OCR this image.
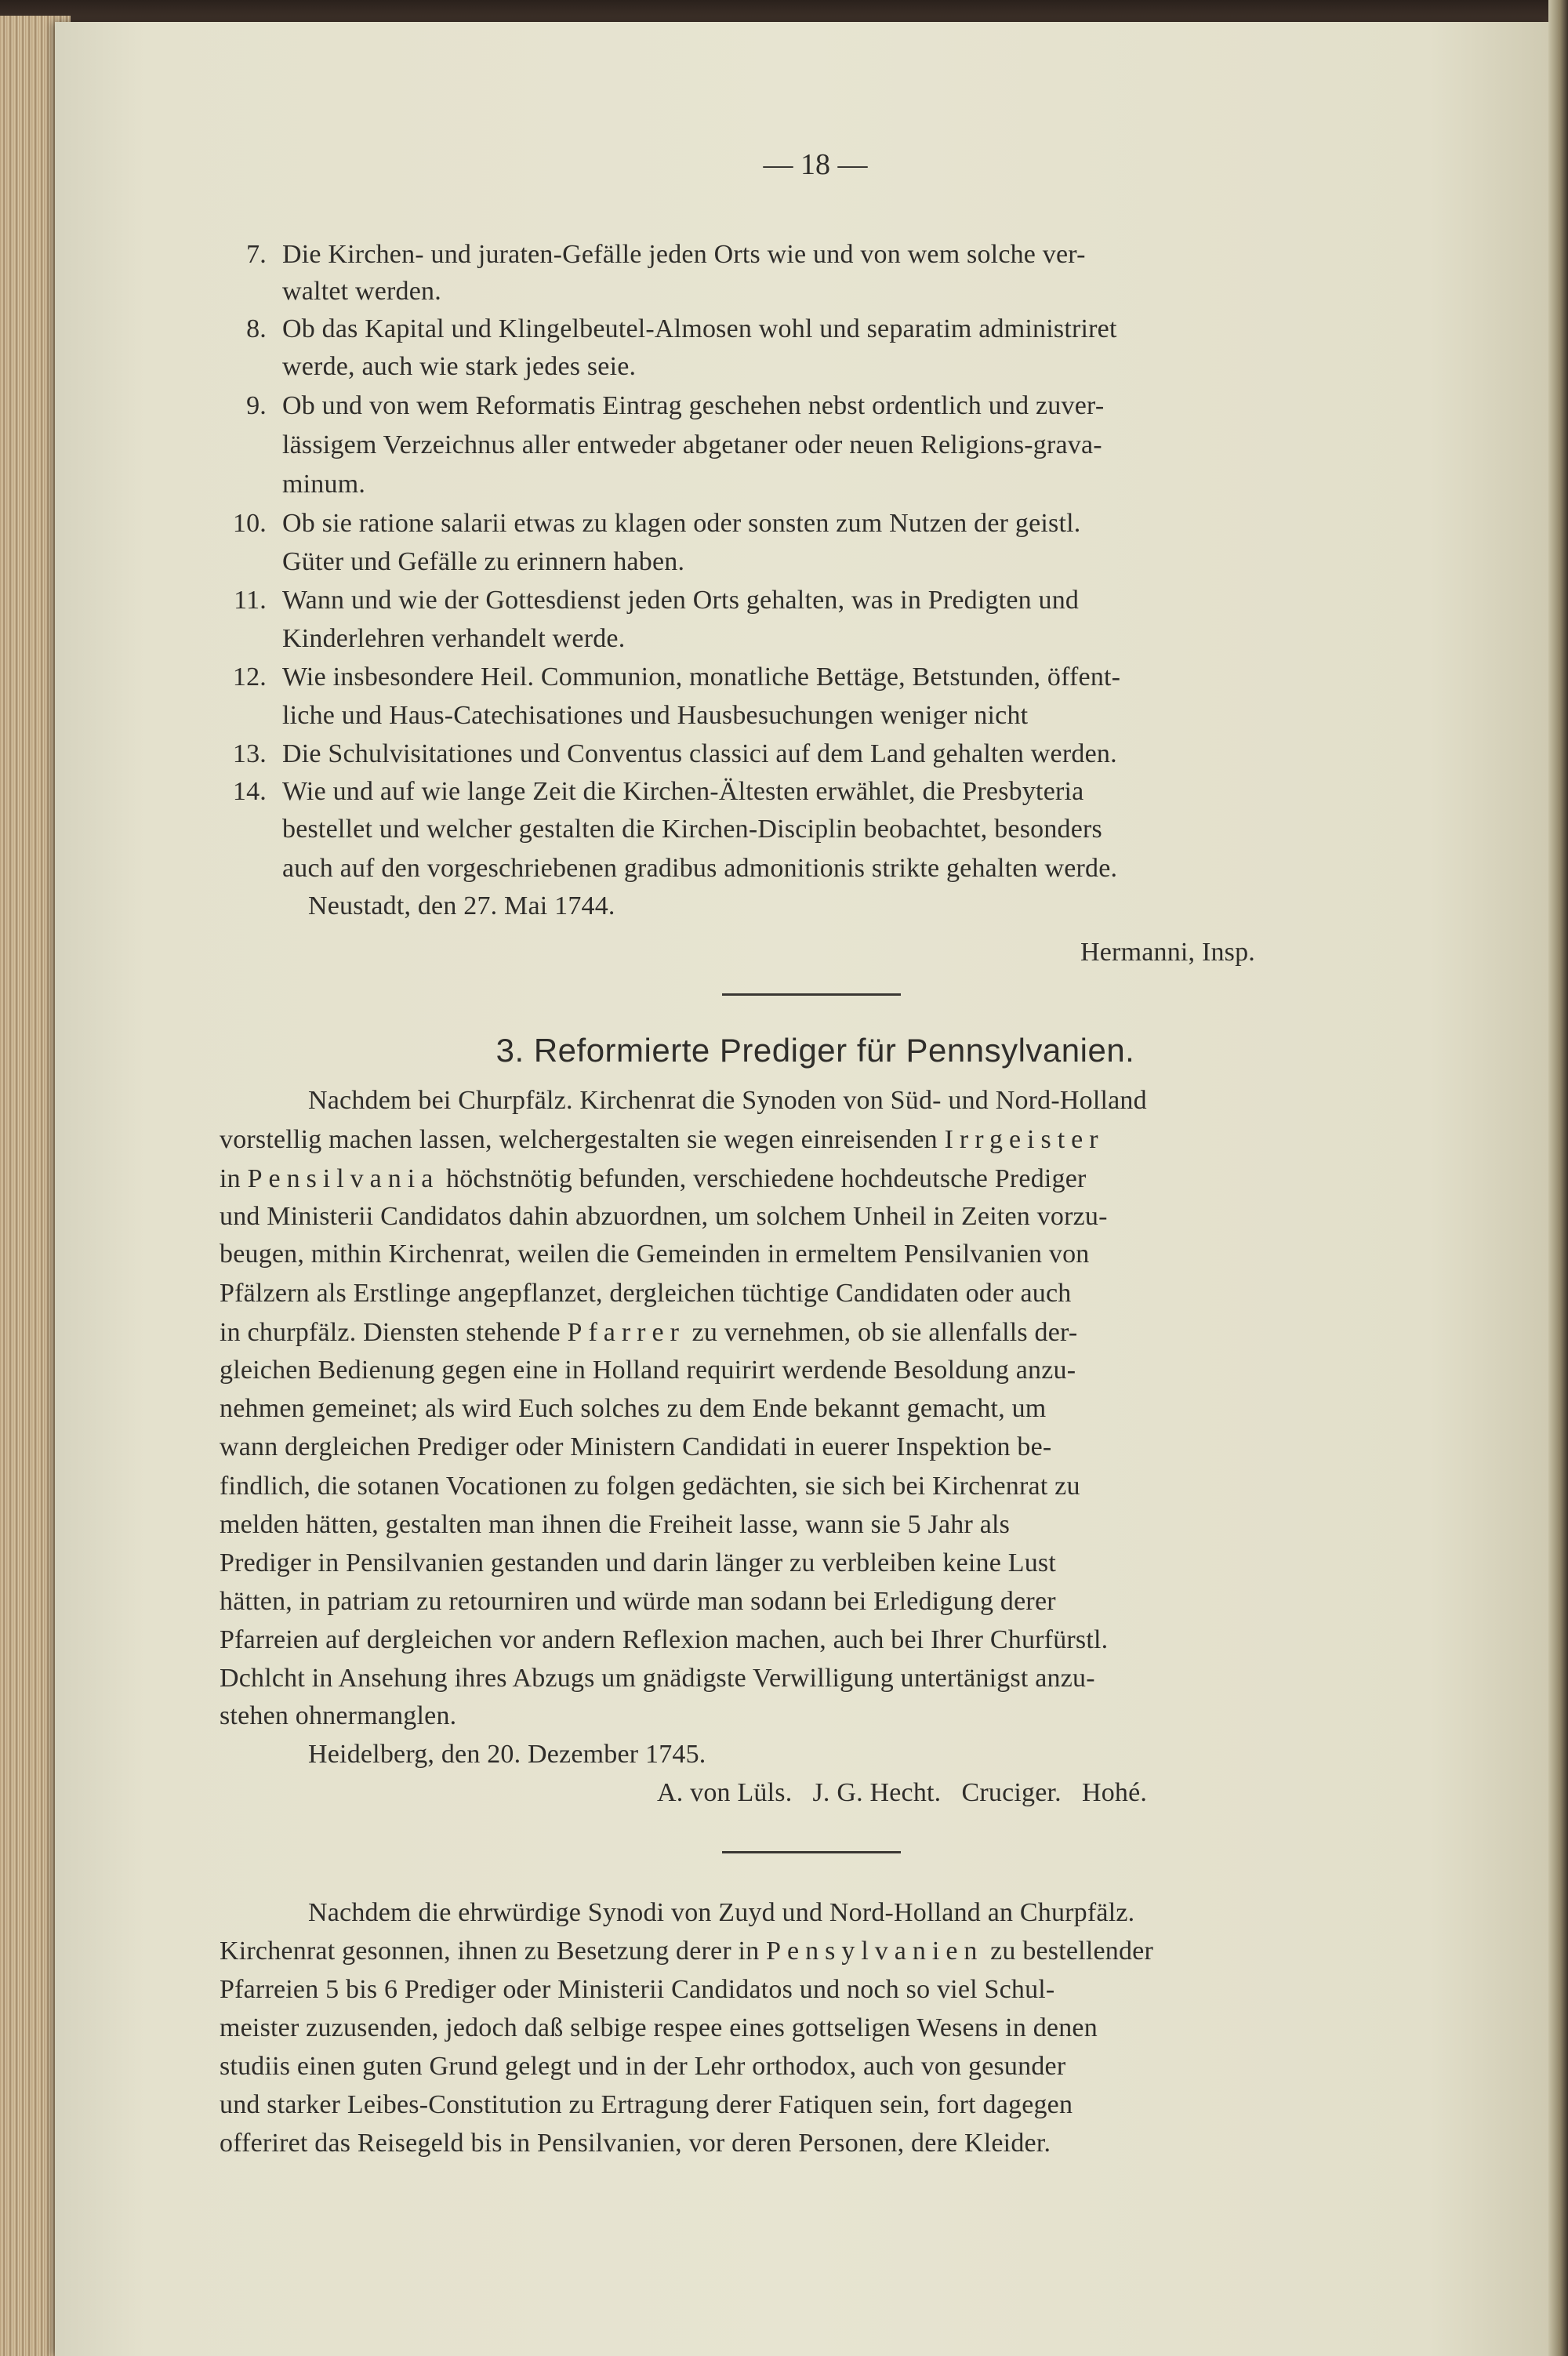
— 18 —
7. Die Kirchen- und juraten-Gefälle jeden Orts wie und von wem solche ver-
waltet werden.
8. Ob das Kapital und Klingelbeutel-Almosen wohl und separatim administriret
werde, auch wie stark jedes seie.
9. Ob und von wem Reformatis Eintrag geschehen nebst ordentlich und zuver-
lässigem Verzeichnus aller entweder abgetaner oder neuen Religions-grava-
minum.
10. Ob sie ratione salarii etwas zu klagen oder sonsten zum Nutzen der geistl.
Güter und Gefälle zu erinnern haben.
11. Wann und wie der Gottesdienst jeden Orts gehalten, was in Predigten und
Kinderlehren verhandelt werde.
12. Wie insbesondere Heil. Communion, monatliche Bettäge, Betstunden, öffent-
liche und Haus-Catechisationes und Hausbesuchungen weniger nicht
13. Die Schulvisitationes und Conventus classici auf dem Land gehalten werden.
14. Wie und auf wie lange Zeit die Kirchen-Ältesten erwählet, die Presbyteria
bestellet und welcher gestalten die Kirchen-Disciplin beobachtet, besonders
auch auf den vorgeschriebenen gradibus admonitionis strikte gehalten werde.
Neustadt, den 27. Mai 1744.
Hermanni, Insp.
3. Reformierte Prediger für Pennsylvanien.
Nachdem bei Churpfälz. Kirchenrat die Synoden von Süd- und Nord-Holland
vorstellig machen lassen, welchergestalten sie wegen einreisenden Irrgeister
in Pensilvania höchstnötig befunden, verschiedene hochdeutsche Prediger
und Ministerii Candidatos dahin abzuordnen, um solchem Unheil in Zeiten vorzu-
beugen, mithin Kirchenrat, weilen die Gemeinden in ermeltem Pensilvanien von
Pfälzern als Erstlinge angepflanzet, dergleichen tüchtige Candidaten oder auch
in churpfälz. Diensten stehende Pfarrer zu vernehmen, ob sie allenfalls der-
gleichen Bedienung gegen eine in Holland requirirt werdende Besoldung anzu-
nehmen gemeinet; als wird Euch solches zu dem Ende bekannt gemacht, um
wann dergleichen Prediger oder Ministern Candidati in euerer Inspektion be-
findlich, die sotanen Vocationen zu folgen gedächten, sie sich bei Kirchenrat zu
melden hätten, gestalten man ihnen die Freiheit lasse, wann sie 5 Jahr als
Prediger in Pensilvanien gestanden und darin länger zu verbleiben keine Lust
hätten, in patriam zu retourniren und würde man sodann bei Erledigung derer
Pfarreien auf dergleichen vor andern Reflexion machen, auch bei Ihrer Churfürstl.
Dchlcht in Ansehung ihres Abzugs um gnädigste Verwilligung untertänigst anzu-
stehen ohnermanglen.
Heidelberg, den 20. Dezember 1745.
A. von Lüls.   J. G. Hecht.   Cruciger.   Hohé.
Nachdem die ehrwürdige Synodi von Zuyd und Nord-Holland an Churpfälz.
Kirchenrat gesonnen, ihnen zu Besetzung derer in Pensylvanien zu bestellender
Pfarreien 5 bis 6 Prediger oder Ministerii Candidatos und noch so viel Schul-
meister zuzusenden, jedoch daß selbige respee eines gottseligen Wesens in denen
studiis einen guten Grund gelegt und in der Lehr orthodox, auch von gesunder
und starker Leibes-Constitution zu Ertragung derer Fatiquen sein, fort dagegen
offeriret das Reisegeld bis in Pensilvanien, vor deren Personen, dere Kleider.
